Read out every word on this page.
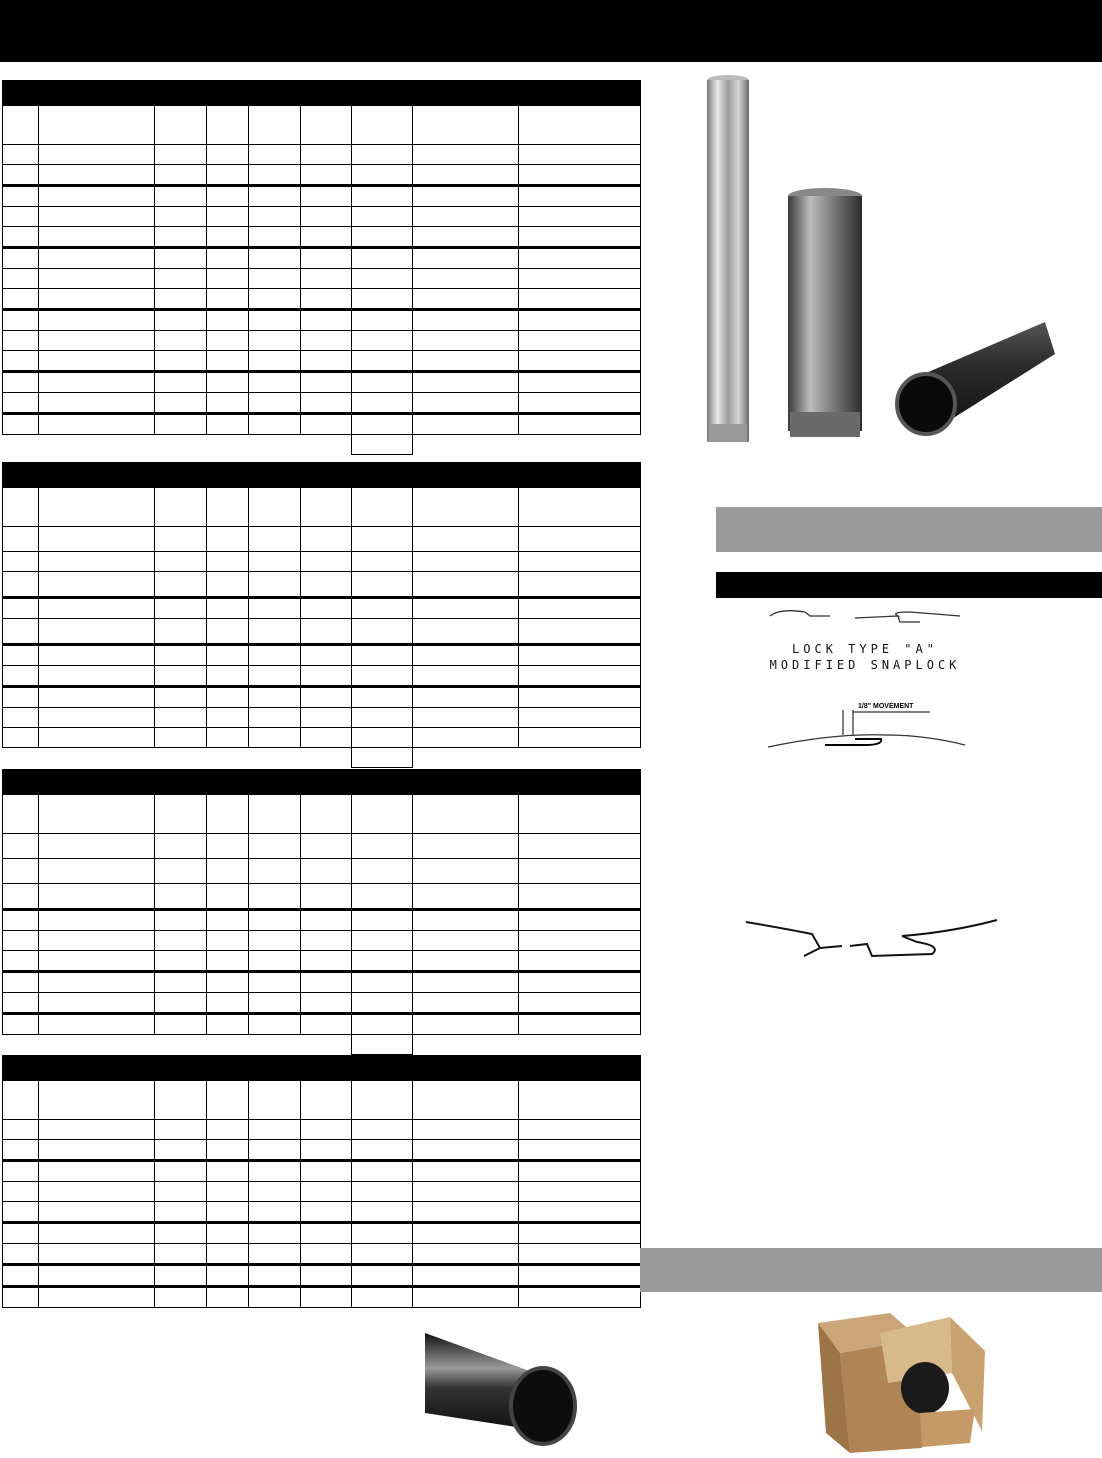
LOCK TYPE "A"
MODIFIED SNAPLOCK
1/8" MOVEMENT
